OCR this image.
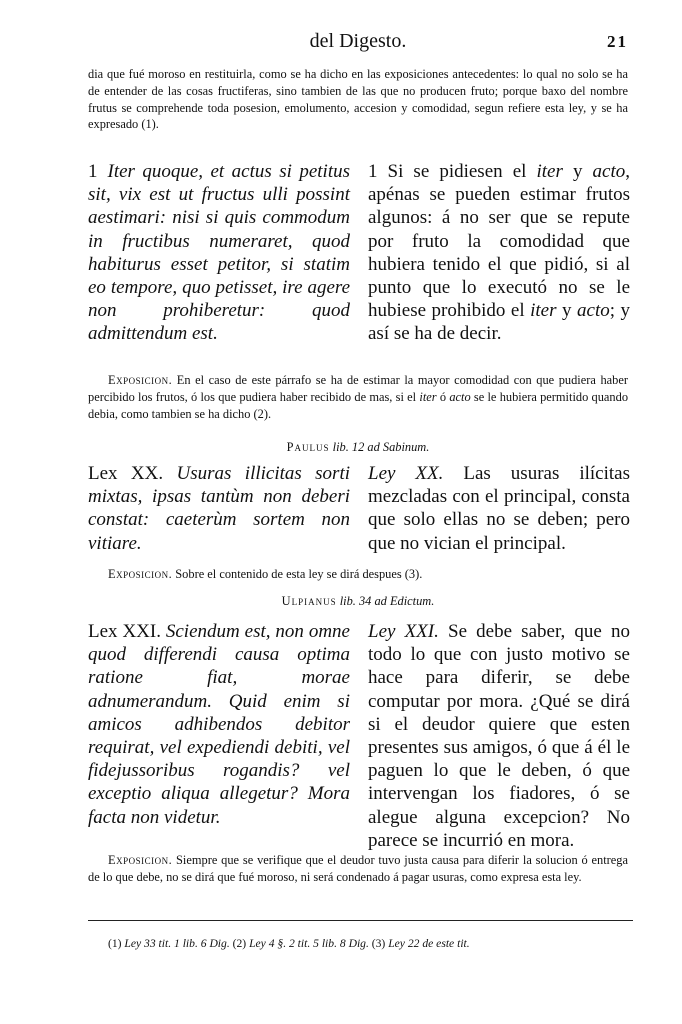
del Digesto.	21
dia que fué moroso en restituirla, como se ha dicho en las exposiciones antecedentes: lo qual no solo se ha de entender de las cosas fructiferas, sino tambien de las que no producen fruto; porque baxo del nombre frutus se comprehende toda posesion, emolumento, accesion y comodidad, segun refiere esta ley, y se ha expresado (1).
1 Iter quoque, et actus si petitus sit, vix est ut fructus ulli possint aestimari: nisi si quis commodum in fructibus numeraret, quod habiturus esset petitor, si statim eo tempore, quo petisset, ire agere non prohiberetur: quod admittendum est.
1 Si se pidiesen el iter y acto, apénas se pueden estimar frutos algunos: á no ser que se repute por fruto la comodidad que hubiera tenido el que pidió, si al punto que lo executó no se le hubiese prohibido el iter y acto; y así se ha de decir.
Exposicion. En el caso de este párrafo se ha de estimar la mayor comodidad con que pudiera haber percibido los frutos, ó los que pudiera haber recibido de mas, si el iter ó acto se le hubiera permitido quando debia, como tambien se ha dicho (2).
Paulus lib. 12 ad Sabinum.
Lex XX. Usuras illicitas sorti mixtas, ipsas tantùm non deberi constat: caeterùm sortem non vitiare.
Ley XX. Las usuras ilícitas mezcladas con el principal, consta que solo ellas no se deben; pero que no vician el principal.
Exposicion. Sobre el contenido de esta ley se dirá despues (3).
Ulpianus lib. 34 ad Edictum.
Lex XXI. Sciendum est, non omne quod differendi causa optima ratione fiat, morae adnumerandum. Quid enim si amicos adhibendos debitor requirat, vel expediendi debiti, vel fidejussoribus rogandis? vel exceptio aliqua allegetur? Mora facta non videtur.
Ley XXI. Se debe saber, que no todo lo que con justo motivo se hace para diferir, se debe computar por mora. ¿Qué se dirá si el deudor quiere que esten presentes sus amigos, ó que á él le paguen lo que le deben, ó que intervengan los fiadores, ó se alegue alguna excepcion? No parece se incurrió en mora.
Exposicion. Siempre que se verifique que el deudor tuvo justa causa para diferir la solucion ó entrega de lo que debe, no se dirá que fué moroso, ni será condenado á pagar usuras, como expresa esta ley.
(1) Ley 33 tit. 1 lib. 6 Dig. (2) Ley 4 §. 2 tit. 5 lib. 8 Dig. (3) Ley 22 de este tit.
